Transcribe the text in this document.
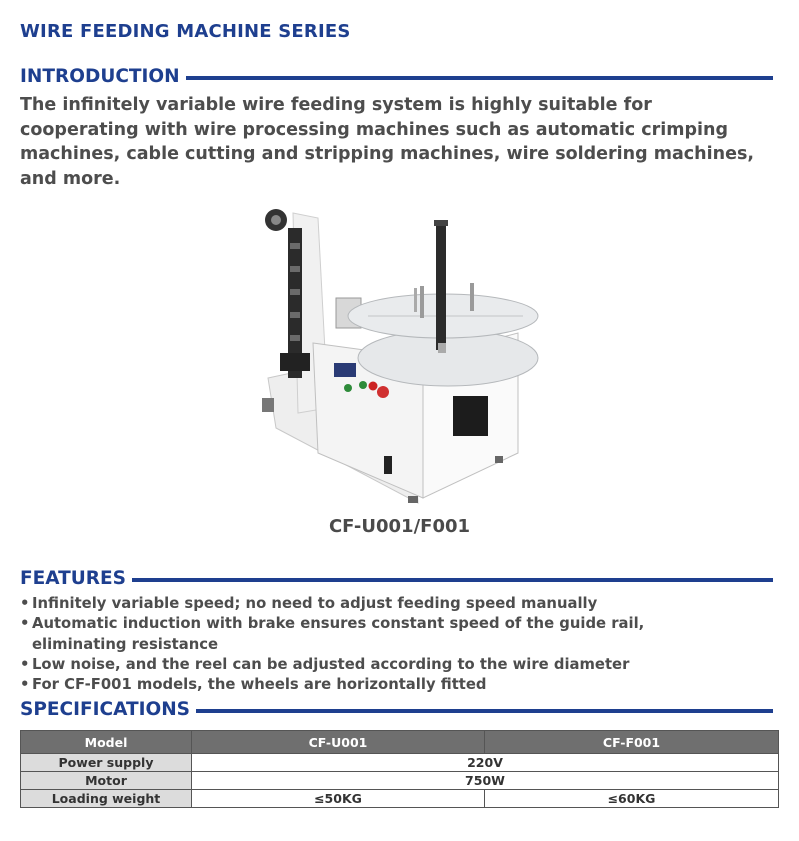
WIRE FEEDING MACHINE SERIES
INTRODUCTION
The infinitely variable wire feeding system is highly suitable for cooperating with wire processing machines such as automatic crimping machines, cable cutting and stripping machines, wire soldering machines, and more.
CF-U001/F001
FEATURES
• Infinitely variable speed; no need to adjust feeding speed manually
• Automatic induction with brake ensures constant speed of the guide rail, eliminating resistance
• Low noise, and the reel can be adjusted according to the wire diameter
• For CF-F001 models, the wheels are horizontally fitted
SPECIFICATIONS
Model	CF-U001	CF-F001
Power supply	220V	
Motor	750W	
Loading weight	≤50KG	≤60KG
